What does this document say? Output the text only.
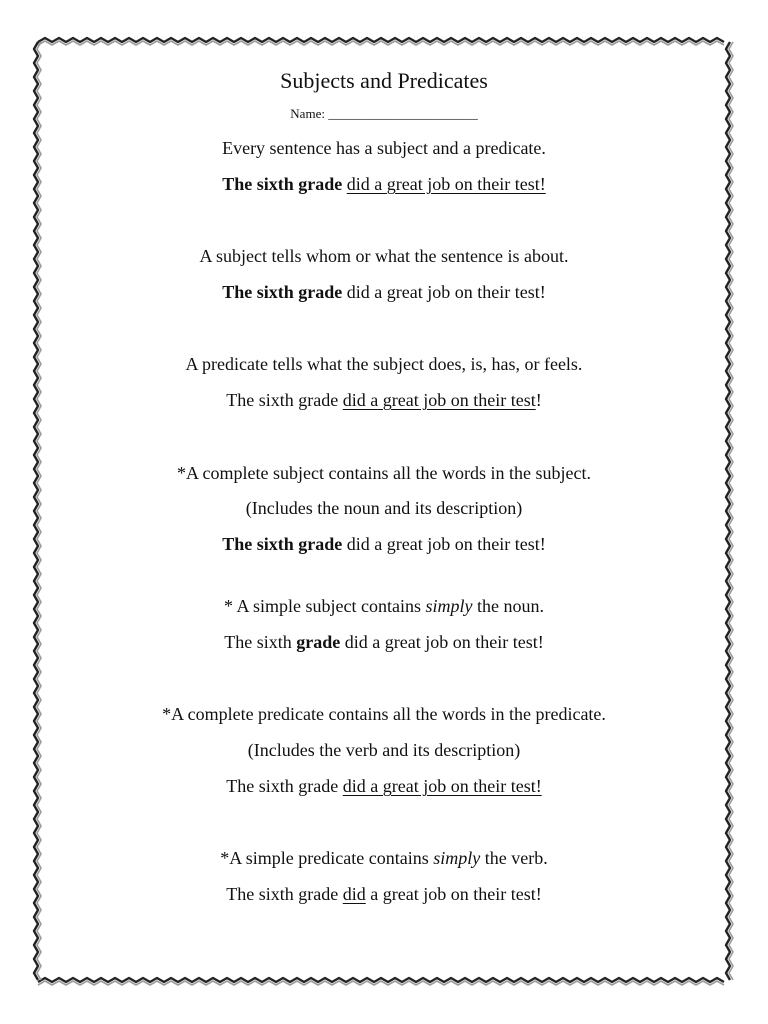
Subjects and Predicates
Name: _______________________
Every sentence has a subject and a predicate.
The sixth grade did a great job on their test!
A subject tells whom or what the sentence is about.
The sixth grade did a great job on their test!
A predicate tells what the subject does, is, has, or feels.
The sixth grade did a great job on their test!
*A complete subject contains all the words in the subject.
(Includes the noun and its description)
The sixth grade did a great job on their test!
* A simple subject contains simply the noun.
The sixth grade did a great job on their test!
*A complete predicate contains all the words in the predicate.
(Includes the verb and its description)
The sixth grade did a great job on their test!
*A simple predicate contains simply the verb.
The sixth grade did a great job on their test!
